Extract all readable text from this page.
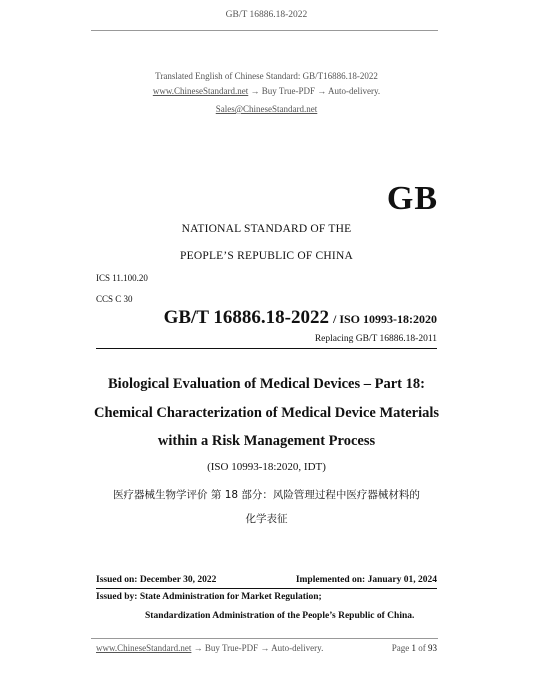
GB/T 16886.18-2022
Translated English of Chinese Standard: GB/T16886.18-2022
www.ChineseStandard.net → Buy True-PDF → Auto-delivery.
Sales@ChineseStandard.net
GB
NATIONAL STANDARD OF THE
PEOPLE’S REPUBLIC OF CHINA
ICS 11.100.20
CCS C 30
GB/T 16886.18-2022 / ISO 10993-18:2020
Replacing GB/T 16886.18-2011
Biological Evaluation of Medical Devices – Part 18:
Chemical Characterization of Medical Device Materials
within a Risk Management Process
(ISO 10993-18:2020, IDT)
医疗器械生物学评价 第 18 部分：风险管理过程中医疗器械材料的
化学表征
Issued on: December 30, 2022	Implemented on: January 01, 2024
Issued by: State Administration for Market Regulation;
Standardization Administration of the People’s Republic of China.
www.ChineseStandard.net → Buy True-PDF → Auto-delivery.	Page 1 of 93
